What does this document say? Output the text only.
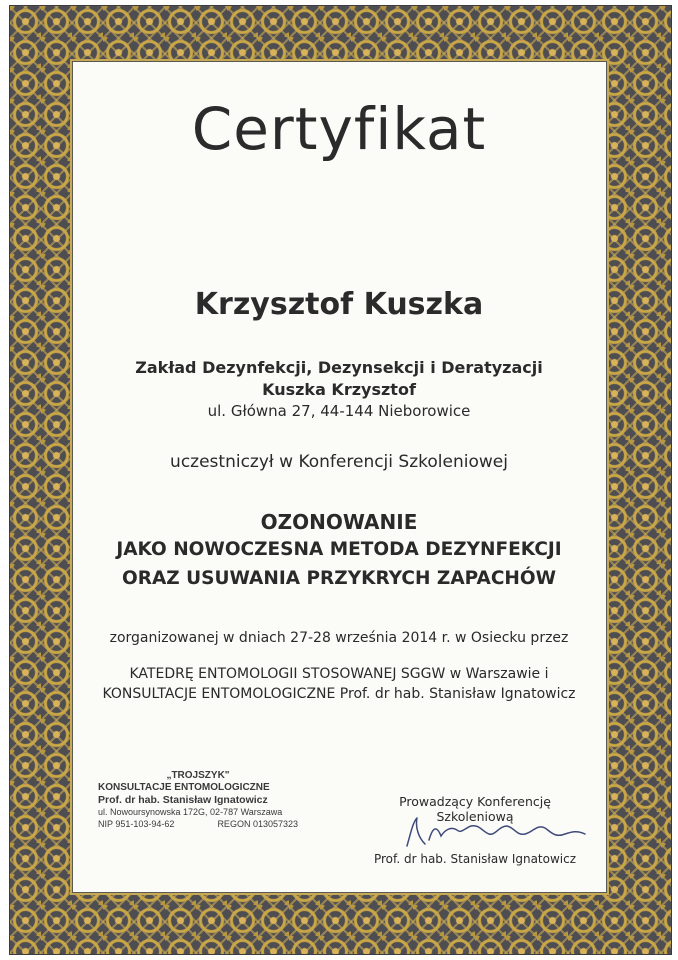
Certyfikat
Krzysztof Kuszka
Zakład Dezynfekcji, Dezynsekcji i Deratyzacji
Kuszka Krzysztof
ul. Główna 27, 44-144 Nieborowice
uczestniczył w Konferencji Szkoleniowej
OZONOWANIE
JAKO NOWOCZESNA METODA DEZYNFEKCJI
ORAZ USUWANIA PRZYKRYCH ZAPACHÓW
zorganizowanej w dniach 27-28 września 2014 r. w Osiecku przez
KATEDRĘ ENTOMOLOGII STOSOWANEJ SGGW w Warszawie i
KONSULTACJE ENTOMOLOGICZNE Prof. dr hab. Stanisław Ignatowicz
„TROJSZYK"
KONSULTACJE ENTOMOLOGICZNE
Prof. dr hab. Stanisław Ignatowicz
ul. Nowoursynowska 172G, 02-787 Warszawa
NIP 951-103-94-62	REGON 013057323
Prowadzący Konferencję Szkoleniową
Prof. dr hab. Stanisław Ignatowicz
